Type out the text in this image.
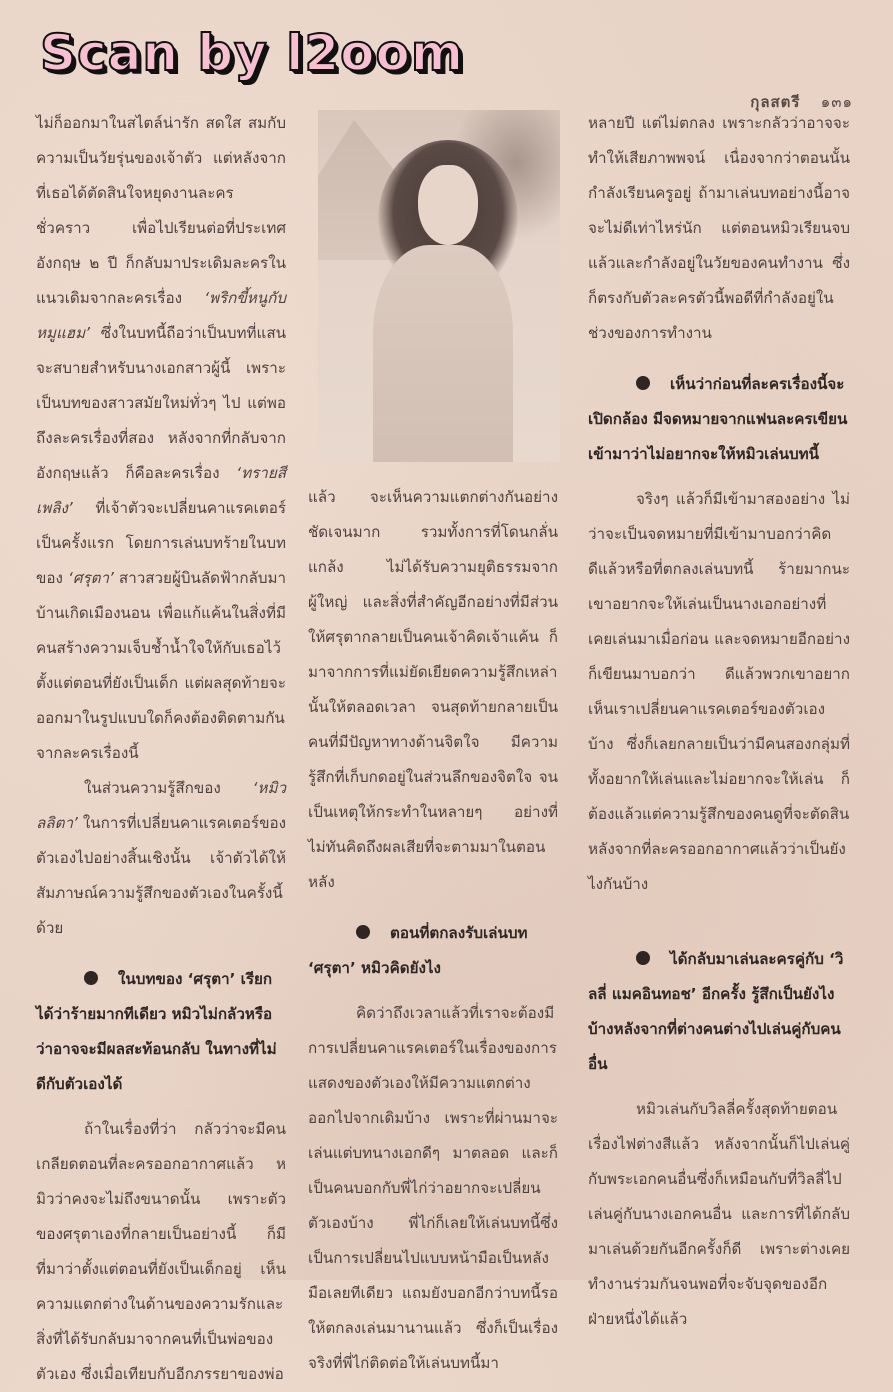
Scan by l2oom
กุลสตรี ๑๓๑

ไม่ก็ออกมาในสไตล์น่ารัก สดใส สมกับความเป็นวัยรุ่นของเจ้าตัว แต่หลังจาก ที่เธอได้ตัดสินใจหยุดงานละครชั่วคราว เพื่อไปเรียนต่อที่ประเทศอังกฤษ ๒ ปี ก็กลับมาประเดิมละครในแนวเดิมจากละครเรื่อง ‘พริกขี้หนูกับหมูแฮม’ ซึ่งในบทนี้ถือว่าเป็นบทที่แสนจะสบายสำหรับนางเอกสาวผู้นี้ เพราะเป็นบทของสาวสมัยใหม่ทั่วๆ ไป แต่พอถึงละครเรื่องที่สอง หลังจากที่กลับจากอังกฤษแล้ว ก็คือละครเรื่อง ‘ทรายสีเพลิง’ ที่เจ้าตัวจะเปลี่ยนคาแรคเตอร์เป็นครั้งแรก โดยการเล่นบทร้ายในบทของ ‘ศรุตา’ สาวสวยผู้บินลัดฟ้ากลับมาบ้านเกิดเมืองนอน เพื่อแก้แค้นในสิ่งที่มีคนสร้างความเจ็บช้ำน้ำใจให้กับเธอไว้ตั้งแต่ตอนที่ยังเป็นเด็ก แต่ผลสุดท้ายจะออกมาในรูปแบบใดก็คงต้องติดตามกันจากละครเรื่องนี้

ในส่วนความรู้สึกของ ‘หมิว ลลิตา’ ในการที่เปลี่ยนคาแรคเตอร์ของตัวเองไปอย่างสิ้นเชิงนั้น เจ้าตัวได้ให้สัมภาษณ์ความรู้สึกของตัวเองในครั้งนี้ด้วย

ในบทของ ‘ศรุตา’ เรียกได้ว่าร้ายมากทีเดียว หมิวไม่กลัวหรือว่าอาจจะมีผลสะท้อนกลับ ในทางที่ไม่ดีกับตัวเองได้

ถ้าในเรื่องที่ว่า กลัวว่าจะมีคนเกลียดตอนที่ละครออกอากาศแล้ว หมิวว่าคงจะไม่ถึงขนาดนั้น เพราะตัวของศรุตาเองที่กลายเป็นอย่างนี้ ก็มีที่มาว่าตั้งแต่ตอนที่ยังเป็นเด็กอยู่ เห็นความแตกต่างในด้านของความรักและสิ่งที่ได้รับกลับมาจากคนที่เป็นพ่อของตัวเอง ซึ่งเมื่อเทียบกับอีกภรรยาของพ่อ

แล้ว จะเห็นความแตกต่างกันอย่างชัดเจนมาก รวมทั้งการที่โดนกลั่นแกล้ง ไม่ได้รับความยุติธรรมจากผู้ใหญ่ และสิ่งที่สำคัญอีกอย่างที่มีส่วนให้ศรุตากลายเป็นคนเจ้าคิดเจ้าแค้น ก็มาจากการที่แม่ยัดเยียดความรู้สึกเหล่านั้นให้ตลอดเวลา จนสุดท้ายกลายเป็นคนที่มีปัญหาทางด้านจิตใจ มีความรู้สึกที่เก็บกดอยู่ในส่วนลึกของจิตใจ จนเป็นเหตุให้กระทำในหลายๆ อย่างที่ไม่ทันคิดถึงผลเสียที่จะตามมาในตอนหลัง

ตอนที่ตกลงรับเล่นบท ‘ศรุตา’ หมิวคิดยังไง

คิดว่าถึงเวลาแล้วที่เราจะต้องมีการเปลี่ยนคาแรคเตอร์ในเรื่องของการแสดงของตัวเองให้มีความแตกต่างออกไปจากเดิมบ้าง เพราะที่ผ่านมาจะเล่นแต่บทนางเอกดีๆ มาตลอด และก็เป็นคนบอกกับพี่ไก่ว่าอยากจะเปลี่ยนตัวเองบ้าง พี่ไก่ก็เลยให้เล่นบทนี้ซึ่งเป็นการเปลี่ยนไปแบบหน้ามือเป็นหลังมือเลยทีเดียว แถมยังบอกอีกว่าบทนี้รอให้ตกลงเล่นมานานแล้ว ซึ่งก็เป็นเรื่องจริงที่พี่ไก่ติดต่อให้เล่นบทนี้มา

หลายปี แต่ไม่ตกลง เพราะกลัวว่าอาจจะทำให้เสียภาพพจน์ เนื่องจากว่าตอนนั้นกำลังเรียนครูอยู่ ถ้ามาเล่นบทอย่างนี้อาจจะไม่ดีเท่าไหร่นัก แต่ตอนหมิวเรียนจบแล้วและกำลังอยู่ในวัยของคนทำงาน ซึ่งก็ตรงกับตัวละครตัวนี้พอดีที่กำลังอยู่ในช่วงของการทำงาน

เห็นว่าก่อนที่ละครเรื่องนี้จะเปิดกล้อง มีจดหมายจากแฟนละครเขียนเข้ามาว่าไม่อยากจะให้หมิวเล่นบทนี้

จริงๆ แล้วก็มีเข้ามาสองอย่าง ไม่ว่าจะเป็นจดหมายที่มีเข้ามาบอกว่าคิดดีแล้วหรือที่ตกลงเล่นบทนี้ ร้ายมากนะ เขาอยากจะให้เล่นเป็นนางเอกอย่างที่เคยเล่นมาเมื่อก่อน และจดหมายอีกอย่างก็เขียนมาบอกว่า ดีแล้วพวกเขาอยากเห็นเราเปลี่ยนคาแรคเตอร์ของตัวเองบ้าง ซึ่งก็เลยกลายเป็นว่ามีคนสองกลุ่มที่ทั้งอยากให้เล่นและไม่อยากจะให้เล่น ก็ต้องแล้วแต่ความรู้สึกของคนดูที่จะตัดสินหลังจากที่ละครออกอากาศแล้วว่าเป็นยังไงกันบ้าง

ได้กลับมาเล่นละครคู่กับ ‘วิลลี่ แมคอินทอช’ อีกครั้ง รู้สึกเป็นยังไงบ้างหลังจากที่ต่างคนต่างไปเล่นคู่กับคนอื่น

หมิวเล่นกับวิลลี่ครั้งสุดท้ายตอนเรื่องไฟต่างสีแล้ว หลังจากนั้นก็ไปเล่นคู่กับพระเอกคนอื่นซึ่งก็เหมือนกับที่วิลลี่ไปเล่นคู่กับนางเอกคนอื่น และการที่ได้กลับมาเล่นด้วยกันอีกครั้งก็ดี เพราะต่างเคยทำงานร่วมกันจนพอที่จะจับจุดของอีกฝ่ายหนึ่งได้แล้ว
